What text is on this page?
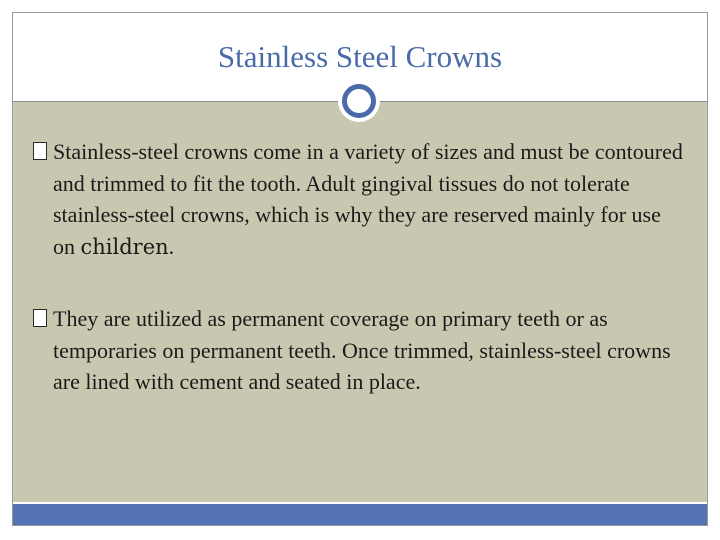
Stainless Steel Crowns
Stainless-steel crowns come in a variety of sizes and must be contoured and trimmed to fit the tooth. Adult gingival tissues do not tolerate stainless-steel crowns, which is why they are reserved mainly for use on children.
They are utilized as permanent coverage on primary teeth or as temporaries on permanent teeth. Once trimmed, stainless-steel crowns are lined with cement and seated in place.
